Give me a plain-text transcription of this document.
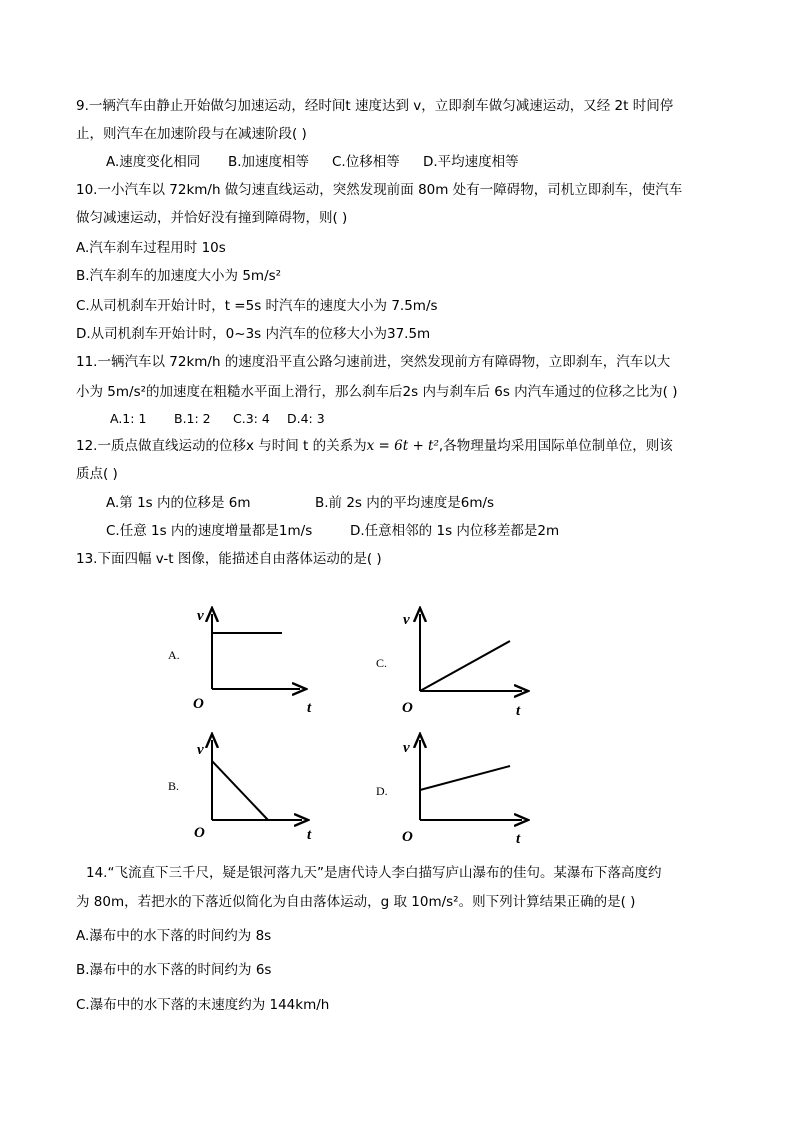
9.一辆汽车由静止开始做匀加速运动，经时间t 速度达到 v，立即刹车做匀减速运动，又经 2t 时间停
止，则汽车在加速阶段与在减速阶段( )
A.速度变化相同 B.加速度相等 C.位移相等 D.平均速度相等
10.一小汽车以 72km/h 做匀速直线运动，突然发现前面 80m 处有一障碍物，司机立即刹车，使汽车
做匀减速运动，并恰好没有撞到障碍物，则( )
A.汽车刹车过程用时 10s
B.汽车刹车的加速度大小为 5m/s²
C.从司机刹车开始计时，t =5s 时汽车的速度大小为 7.5m/s
D.从司机刹车开始计时，0~3s 内汽车的位移大小为37.5m
11.一辆汽车以 72km/h 的速度沿平直公路匀速前进，突然发现前方有障碍物，立即刹车，汽车以大
小为 5m/s²的加速度在粗糙水平面上滑行，那么刹车后2s 内与刹车后 6s 内汽车通过的位移之比为( )
A.1: 1 B.1: 2 C.3: 4 D.4: 3
12.一质点做直线运动的位移x 与时间 t 的关系为x = 6t + t²,各物理量均采用国际单位制单位，则该
质点( )
A.第 1s 内的位移是 6m	B.前 2s 内的平均速度是6m/s
C.任意 1s 内的速度增量都是1m/s	D.任意相邻的 1s 内位移差都是2m
13.下面四幅 v-t 图像，能描述自由落体运动的是( )
A.
v
O	t
C.
v
O	t
B.
v
O	t
D.
v
O	t
14.“飞流直下三千尺，疑是银河落九天”是唐代诗人李白描写庐山瀑布的佳句。某瀑布下落高度约
为 80m，若把水的下落近似简化为自由落体运动，g 取 10m/s²。则下列计算结果正确的是( )
A.瀑布中的水下落的时间约为 8s
B.瀑布中的水下落的时间约为 6s
C.瀑布中的水下落的末速度约为 144km/h
